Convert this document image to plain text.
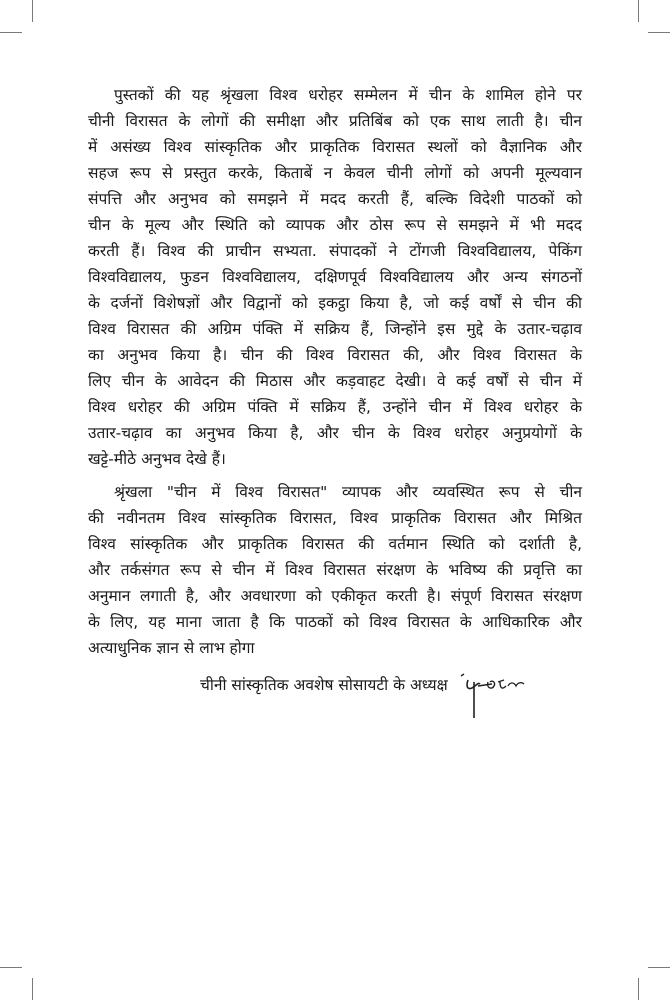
पुस्तकों की यह श्रृंखला विश्व धरोहर सम्मेलन में चीन के शामिल होने पर
चीनी विरासत के लोगों की समीक्षा और प्रतिबिंब को एक साथ लाती है। चीन
में असंख्य विश्व सांस्कृतिक और प्राकृतिक विरासत स्थलों को वैज्ञानिक और
सहज रूप से प्रस्तुत करके, किताबें न केवल चीनी लोगों को अपनी मूल्यवान
संपत्ति और अनुभव को समझने में मदद करती हैं, बल्कि विदेशी पाठकों को
चीन के मूल्य और स्थिति को व्यापक और ठोस रूप से समझने में भी मदद
करती हैं। विश्व की प्राचीन सभ्यता. संपादकों ने टोंगजी विश्वविद्यालय, पेकिंग
विश्वविद्यालय, फुडन विश्वविद्यालय, दक्षिणपूर्व विश्वविद्यालय और अन्य संगठनों
के दर्जनों विशेषज्ञों और विद्वानों को इकट्ठा किया है, जो कई वर्षों से चीन की
विश्व विरासत की अग्रिम पंक्ति में सक्रिय हैं, जिन्होंने इस मुद्दे के उतार-चढ़ाव
का अनुभव किया है। चीन की विश्व विरासत की, और विश्व विरासत के
लिए चीन के आवेदन की मिठास और कड़वाहट देखी। वे कई वर्षों से चीन में
विश्व धरोहर की अग्रिम पंक्ति में सक्रिय हैं, उन्होंने चीन में विश्व धरोहर के
उतार-चढ़ाव का अनुभव किया है, और चीन के विश्व धरोहर अनुप्रयोगों के
खट्टे-मीठे अनुभव देखे हैं।

श्रृंखला "चीन में विश्व विरासत" व्यापक और व्यवस्थित रूप से चीन
की नवीनतम विश्व सांस्कृतिक विरासत, विश्व प्राकृतिक विरासत और मिश्रित
विश्व सांस्कृतिक और प्राकृतिक विरासत की वर्तमान स्थिति को दर्शाती है,
और तर्कसंगत रूप से चीन में विश्व विरासत संरक्षण के भविष्य की प्रवृत्ति का
अनुमान लगाती है, और अवधारणा को एकीकृत करती है। संपूर्ण विरासत संरक्षण
के लिए, यह माना जाता है कि पाठकों को विश्व विरासत के आधिकारिक और
अत्याधुनिक ज्ञान से लाभ होगा

चीनी सांस्कृतिक अवशेष सोसायटी के अध्यक्ष
